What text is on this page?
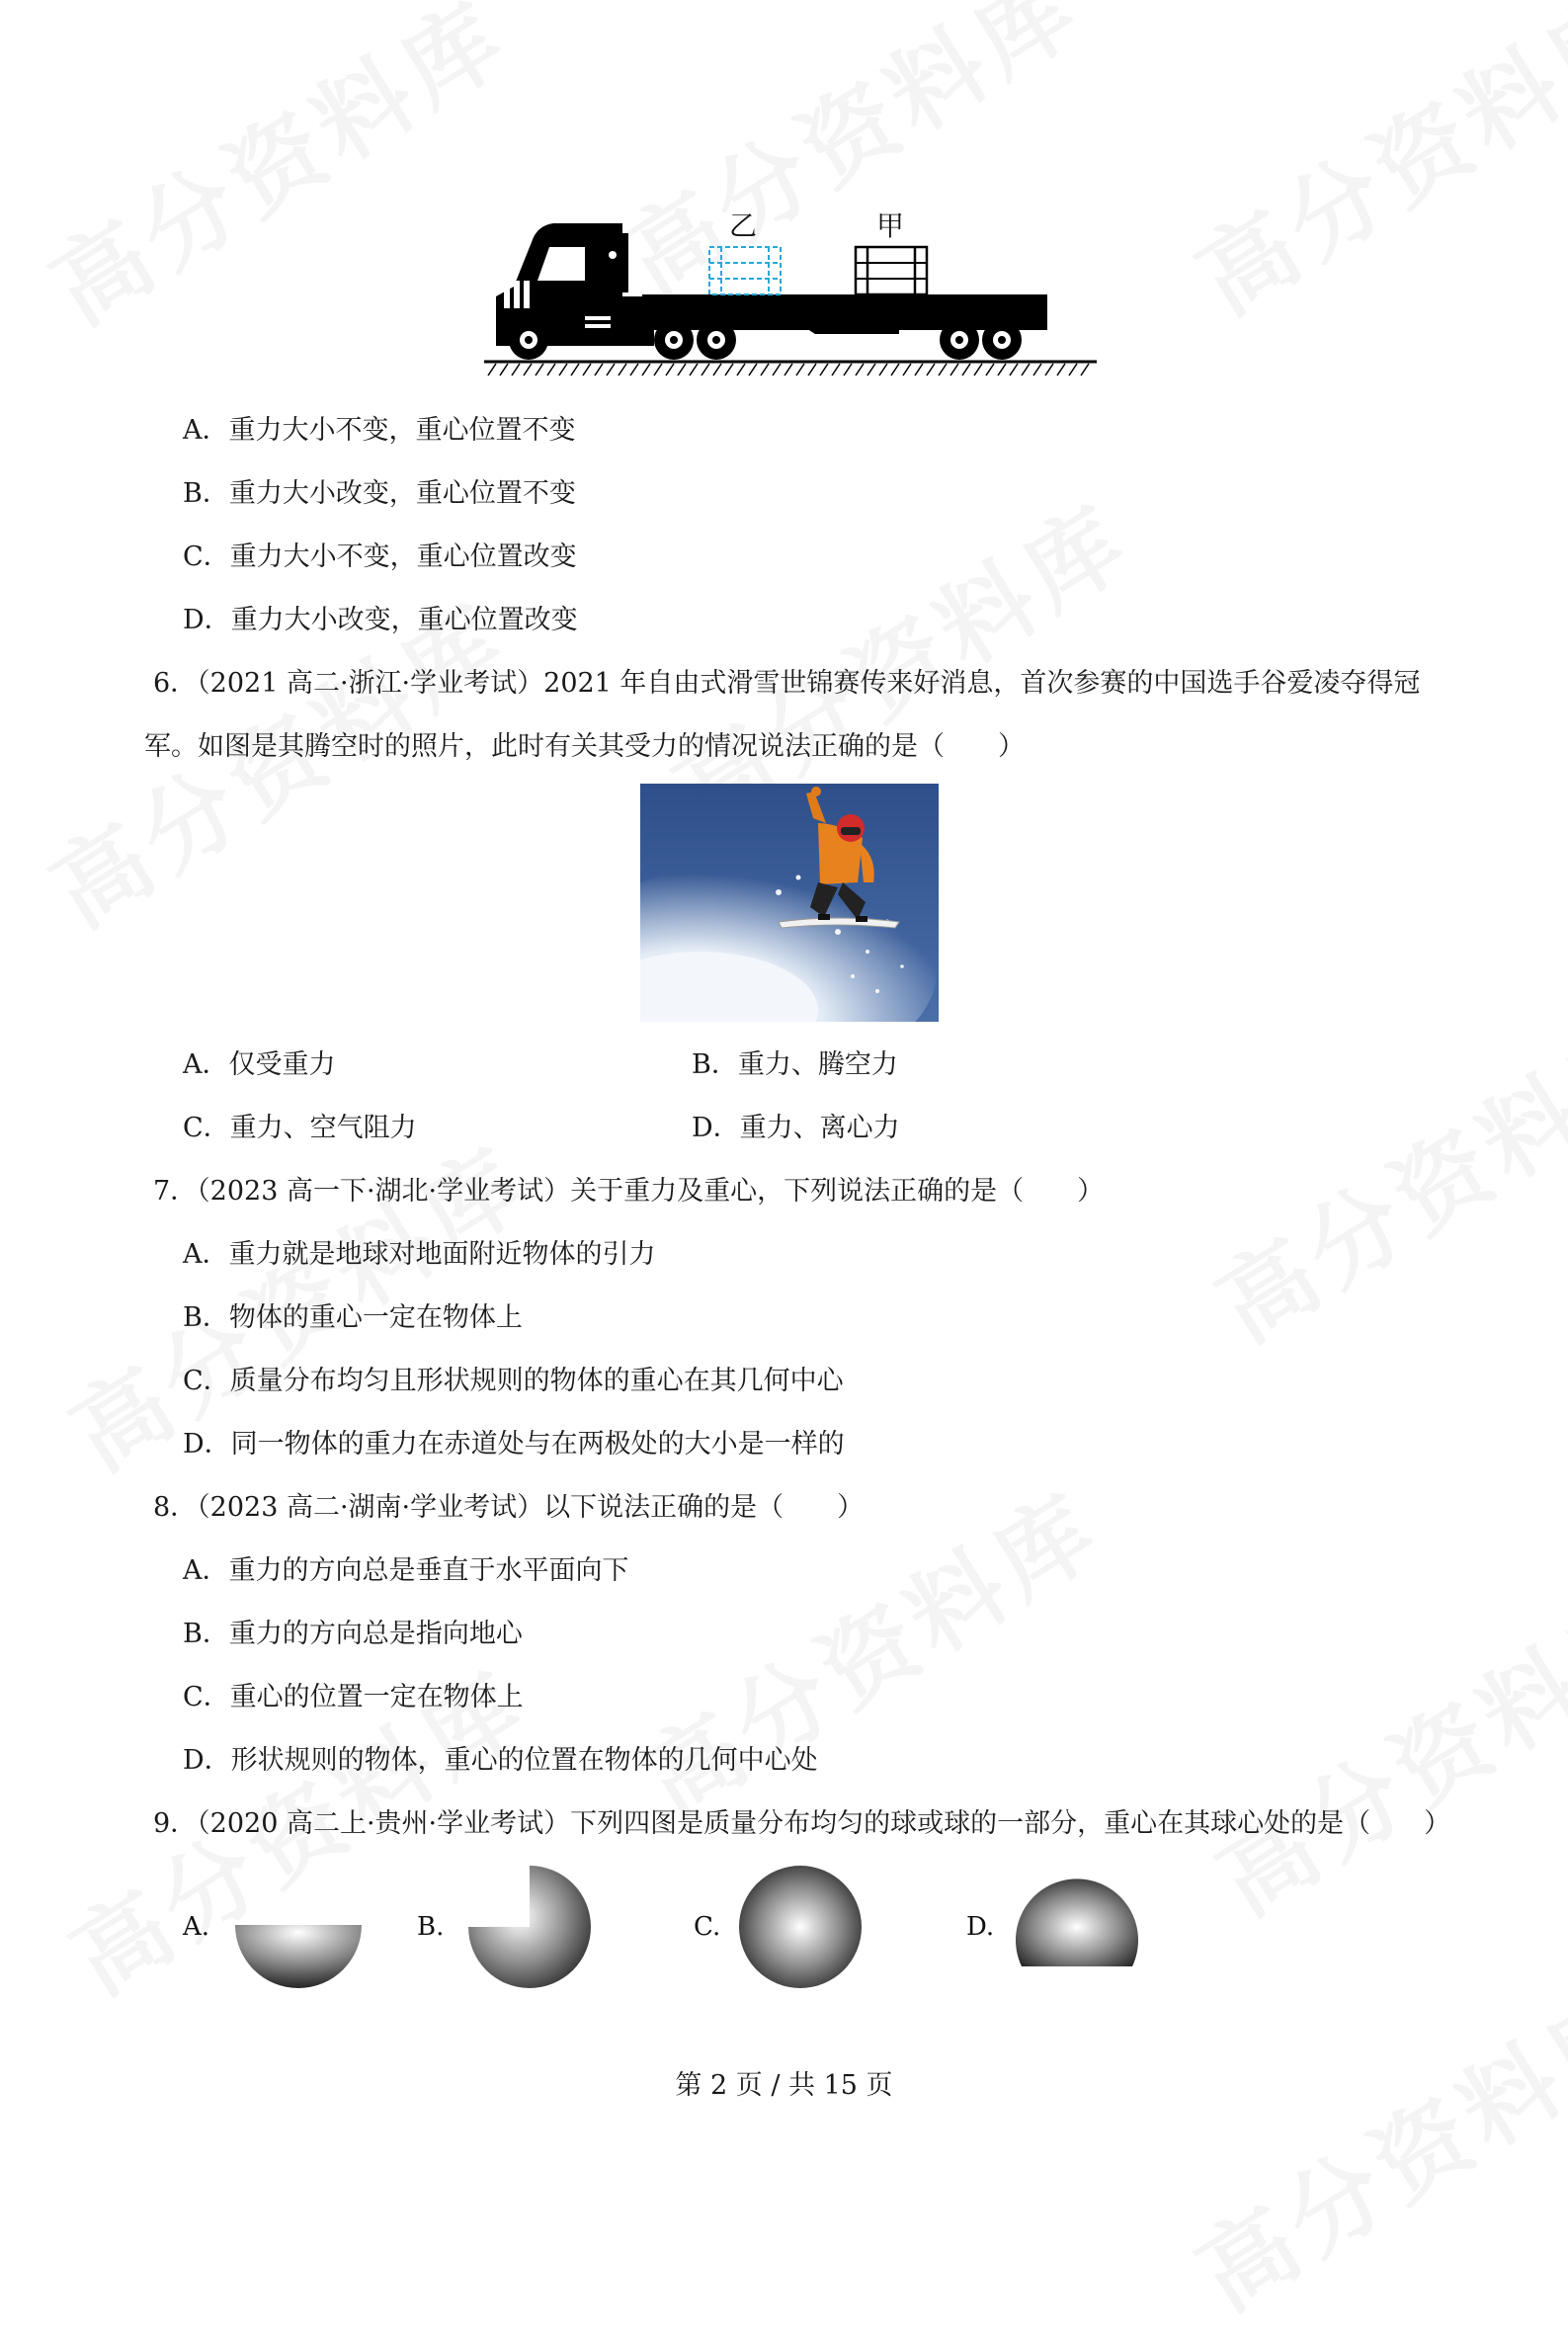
乙	甲
A．重力大小不变，重心位置不变
B．重力大小改变，重心位置不变
C．重力大小不变，重心位置改变
D．重力大小改变，重心位置改变
6．（2021 高二·浙江·学业考试）2021 年自由式滑雪世锦赛传来好消息，首次参赛的中国选手谷爱凌夺得冠
军。如图是其腾空时的照片，此时有关其受力的情况说法正确的是（　　）
A．仅受重力	B．重力、腾空力
C．重力、空气阻力	D．重力、离心力
7．（2023 高一下·湖北·学业考试）关于重力及重心，下列说法正确的是（　　）
A．重力就是地球对地面附近物体的引力
B．物体的重心一定在物体上
C．质量分布均匀且形状规则的物体的重心在其几何中心
D．同一物体的重力在赤道处与在两极处的大小是一样的
8．（2023 高二·湖南·学业考试）以下说法正确的是（　　）
A．重力的方向总是垂直于水平面向下
B．重力的方向总是指向地心
C．重心的位置一定在物体上
D．形状规则的物体，重心的位置在物体的几何中心处
9．（2020 高二上·贵州·学业考试）下列四图是质量分布均匀的球或球的一部分，重心在其球心处的是（　　）
A.	B.	C.	D.
第 2 页 / 共 15 页
